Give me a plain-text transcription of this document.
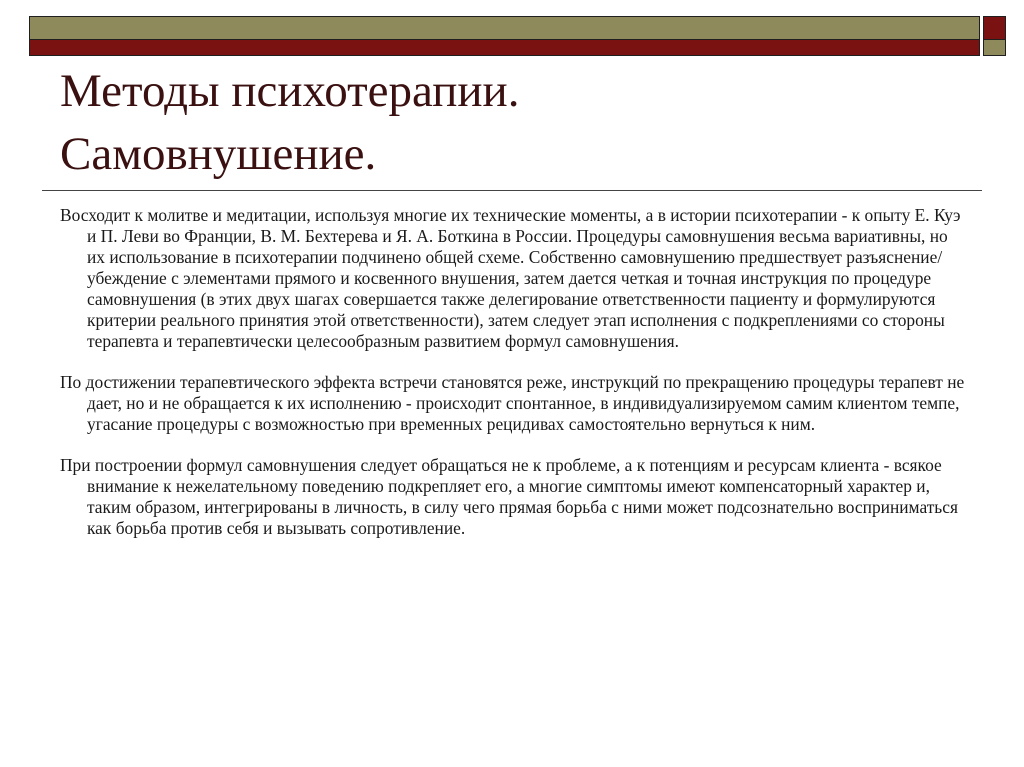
Методы психотерапии.
Самовнушение.

Восходит к молитве и медитации, используя многие их технические моменты, а в истории психотерапии - к опыту Е. Куэ и П. Леви во Франции, В. М. Бехтерева и Я. А. Боткина в России. Процедуры самовнушения весьма вариативны, но их использование в психотерапии подчинено общей схеме. Собственно самовнушению предшествует разъяснение/убеждение с элементами прямого и косвенного внушения, затем дается четкая и точная инструкция по процедуре самовнушения (в этих двух шагах совершается также делегирование ответственности пациенту и формулируются критерии реального принятия этой ответственности), затем следует этап исполнения с подкреплениями со стороны терапевта и терапевтически целесообразным развитием формул самовнушения.

По достижении терапевтического эффекта встречи становятся реже, инструкций по прекращению процедуры терапевт не дает, но и не обращается к их исполнению - происходит спонтанное, в индивидуализируемом самим клиентом темпе, угасание процедуры с возможностью при временных рецидивах самостоятельно вернуться к ним.

При построении формул самовнушения следует обращаться не к проблеме, а к потенциям и ресурсам клиента - всякое внимание к нежелательному поведению подкрепляет его, а многие симптомы имеют компенсаторный характер и, таким образом, интегрированы в личность, в силу чего прямая борьба с ними может подсознательно восприниматься как борьба против себя и вызывать сопротивление.
